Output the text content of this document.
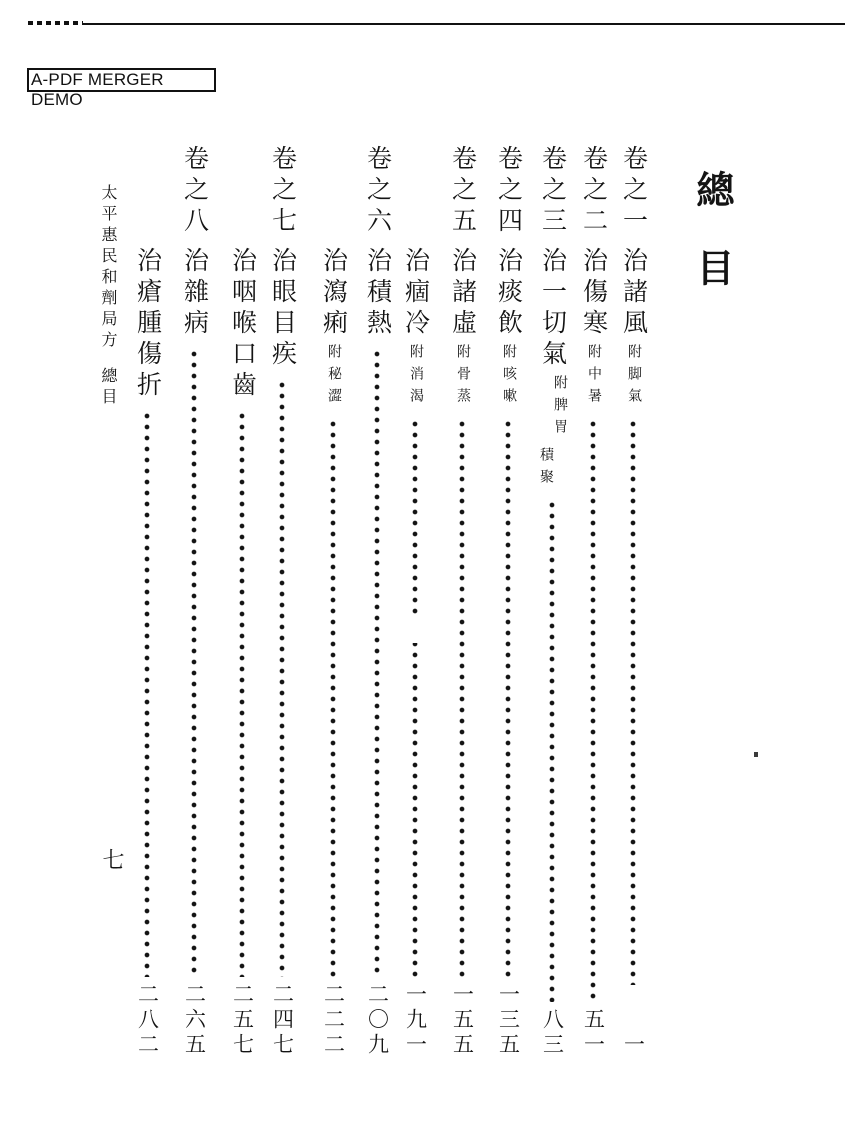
A-PDF MERGER DEMO
總目
卷之一
治諸風
附脚氣
一
卷之二
治傷寒
附中暑
五一
卷之三
治一切氣
附脾胃
積聚
八三
卷之四
治痰飲
附咳嗽
一三五
卷之五
治諸虛
附骨蒸
一五五
治痼冷
附消渴
一九一
卷之六
治積熱
二〇九
治瀉痢
附秘澀
二二二
卷之七
治眼目疾
二四七
治咽喉口齒
二五七
卷之八
治雜病
二六五
治瘡腫傷折
二八二
太平惠民和劑局方
總目
七
